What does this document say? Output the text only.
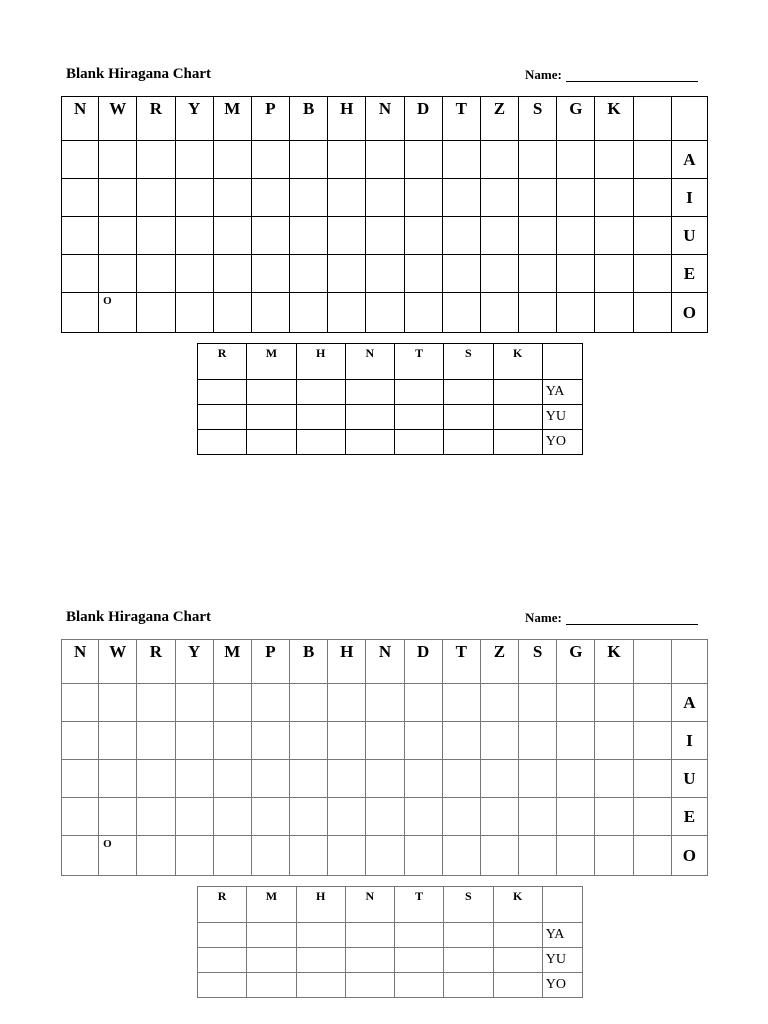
Blank Hiragana Chart	Name:
N	W	R	Y	M	P	B	H	N	D	T	Z	S	G	K		
																A
																I
																U
																E
	O															O
R	M	H	N	T	S	K	
							YA
							YU
							YO
Blank Hiragana Chart	Name:
N	W	R	Y	M	P	B	H	N	D	T	Z	S	G	K		
																A
																I
																U
																E
	O															O
R	M	H	N	T	S	K	
							YA
							YU
							YO
